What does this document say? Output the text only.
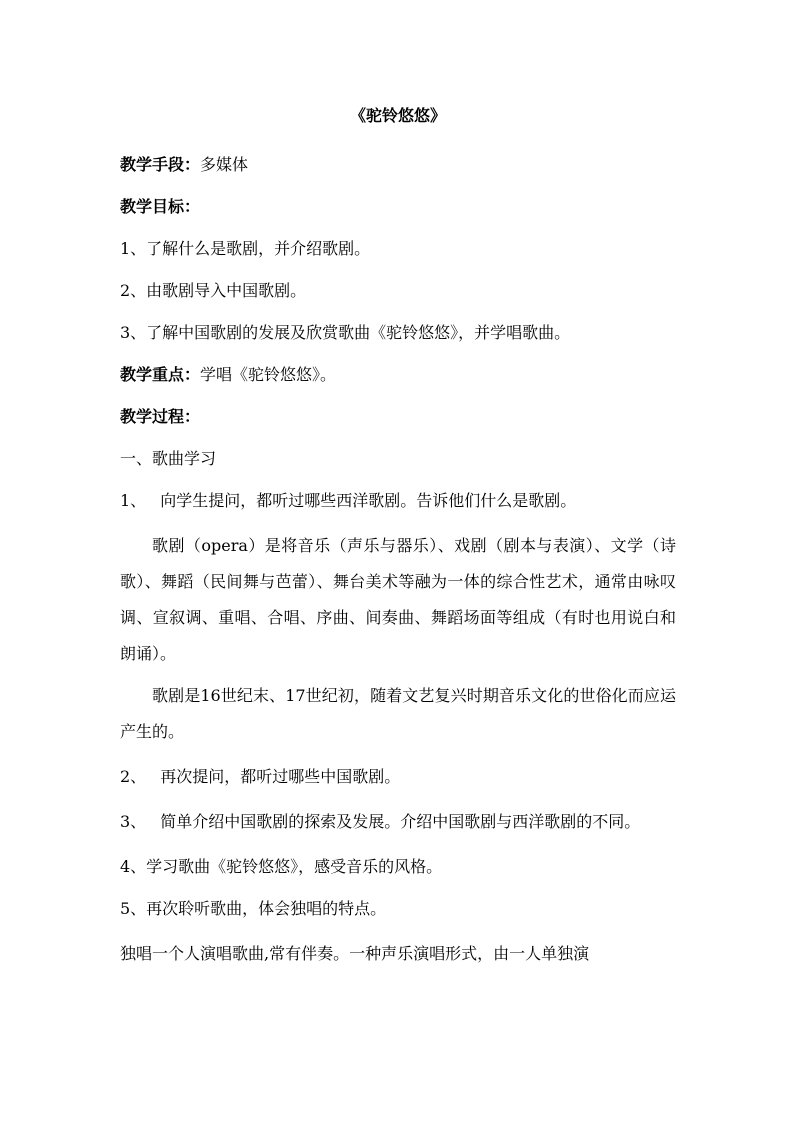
《驼铃悠悠》
教学手段：多媒体
教学目标：
1、了解什么是歌剧，并介绍歌剧。
2、由歌剧导入中国歌剧。
3、了解中国歌剧的发展及欣赏歌曲《驼铃悠悠》，并学唱歌曲。
教学重点：学唱《驼铃悠悠》。
教学过程：
一、歌曲学习
1、 向学生提问，都听过哪些西洋歌剧。告诉他们什么是歌剧。

歌剧（opera）是将音乐（声乐与器乐）、戏剧（剧本与表演）、文学（诗歌）、舞蹈（民间舞与芭蕾）、舞台美术等融为一体的综合性艺术，通常由咏叹调、宣叙调、重唱、合唱、序曲、间奏曲、舞蹈场面等组成（有时也用说白和朗诵）。

歌剧是16世纪末、17世纪初，随着文艺复兴时期音乐文化的世俗化而应运产生的。

2、 再次提问，都听过哪些中国歌剧。

3、 简单介绍中国歌剧的探索及发展。介绍中国歌剧与西洋歌剧的不同。

4、学习歌曲《驼铃悠悠》，感受音乐的风格。
5、再次聆听歌曲，体会独唱的特点。

独唱一个人演唱歌曲,常有伴奏。一种声乐演唱形式，由一人单独演
